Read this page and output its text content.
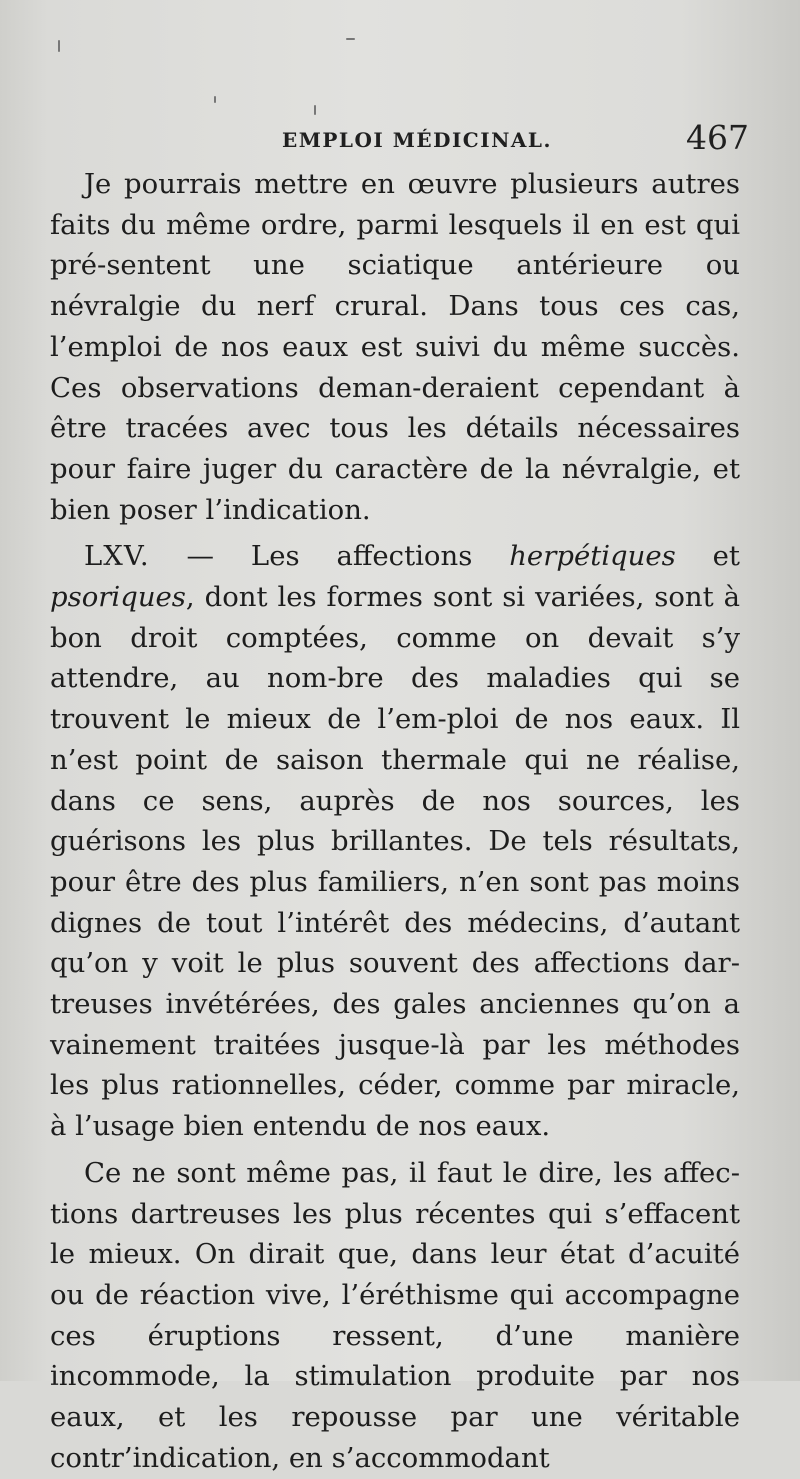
EMPLOI MÉDICINAL.	467

Je pourrais mettre en œuvre plusieurs autres faits du même ordre, parmi lesquels il en est qui pré-sentent une sciatique antérieure ou névralgie du nerf crural. Dans tous ces cas, l’emploi de nos eaux est suivi du même succès. Ces observations deman-deraient cependant à être tracées avec tous les détails nécessaires pour faire juger du caractère de la névralgie, et bien poser l’indication.

LXV. — Les affections herpétiques et psoriques, dont les formes sont si variées, sont à bon droit comptées, comme on devait s’y attendre, au nom-bre des maladies qui se trouvent le mieux de l’em-ploi de nos eaux. Il n’est point de saison thermale qui ne réalise, dans ce sens, auprès de nos sources, les guérisons les plus brillantes. De tels résultats, pour être des plus familiers, n’en sont pas moins dignes de tout l’intérêt des médecins, d’autant qu’on y voit le plus souvent des affections dar-treuses invétérées, des gales anciennes qu’on a vainement traitées jusque-là par les méthodes les plus rationnelles, céder, comme par miracle, à l’usage bien entendu de nos eaux.

Ce ne sont même pas, il faut le dire, les affec-tions dartreuses les plus récentes qui s’effacent le mieux. On dirait que, dans leur état d’acuité ou de réaction vive, l’éréthisme qui accompagne ces éruptions ressent, d’une manière incommode, la stimulation produite par nos eaux, et les repousse par une véritable contr’indication, en s’accommodant
